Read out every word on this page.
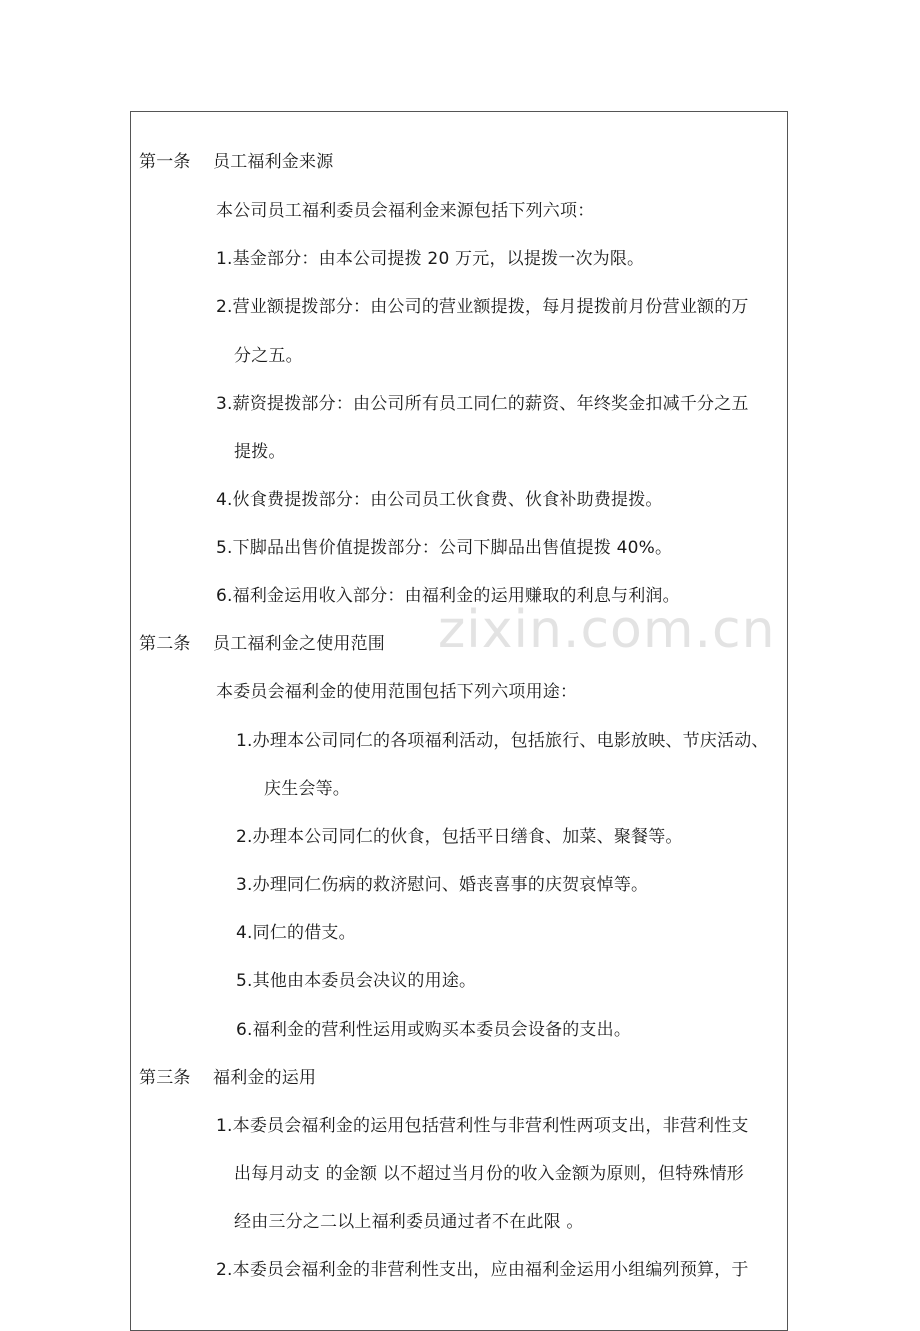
zixin.com.cn
第一条 员工福利金来源
本公司员工福利委员会福利金来源包括下列六项：
1.基金部分：由本公司提拨 20 万元，以提拨一次为限。
2.营业额提拨部分：由公司的营业额提拨，每月提拨前月份营业额的万
分之五。
3.薪资提拨部分：由公司所有员工同仁的薪资、年终奖金扣减千分之五
提拨。
4.伙食费提拨部分：由公司员工伙食费、伙食补助费提拨。
5.下脚品出售价值提拨部分：公司下脚品出售值提拨 40%。
6.福利金运用收入部分：由福利金的运用赚取的利息与利润。
第二条 员工福利金之使用范围
本委员会福利金的使用范围包括下列六项用途：
1.办理本公司同仁的各项福利活动，包括旅行、电影放映、节庆活动、
庆生会等。
2.办理本公司同仁的伙食，包括平日缮食、加菜、聚餐等。
3.办理同仁伤病的救济慰问、婚丧喜事的庆贺哀悼等。
4.同仁的借支。
5.其他由本委员会决议的用途。
6.福利金的营利性运用或购买本委员会设备的支出。
第三条 福利金的运用
1.本委员会福利金的运用包括营利性与非营利性两项支出，非营利性支
出每月动支 的金额 以不超过当月份的收入金额为原则，但特殊情形
经由三分之二以上福利委员通过者不在此限 。
2.本委员会福利金的非营利性支出，应由福利金运用小组编列预算，于
